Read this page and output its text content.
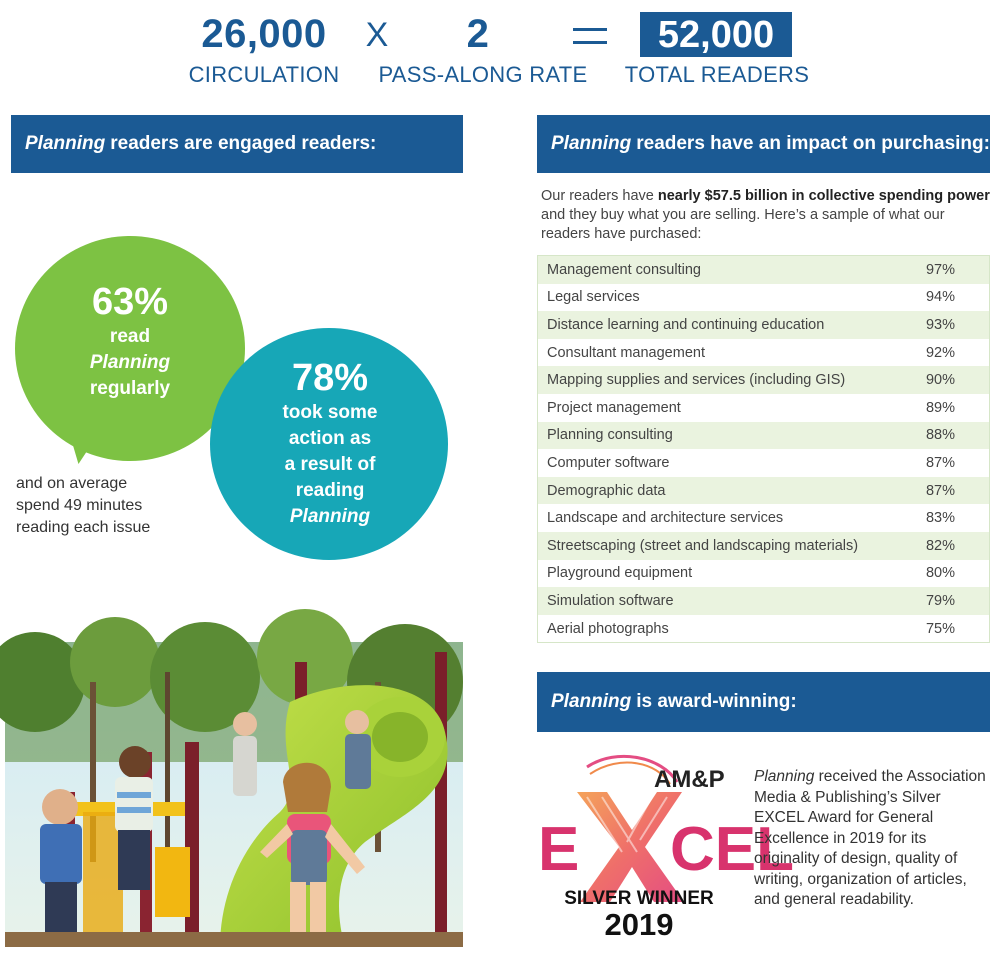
26,000
CIRCULATION
X	2
PASS-ALONG RATE
52,000
TOTAL READERS
Planning readers are engaged readers:
63%
read
Planning
regularly	78%
took some
action as
a result of
reading
Planning
and on average
spend 49 minutes
reading each issue
Planning readers have an impact on purchasing:
Our readers have nearly $57.5 billion in collective spending power and they buy what you are selling. Here’s a sample of what our readers have purchased:
Management consulting	97%
Legal services	94%
Distance learning and continuing education	93%
Consultant management	92%
Mapping supplies and services (including GIS)	90%
Project management	89%
Planning consulting	88%
Computer software	87%
Demographic data	87%
Landscape and architecture services	83%
Streetscaping (street and landscaping materials)	82%
Playground equipment	80%
Simulation software	79%
Aerial photographs	75%
Planning is award-winning:
E CEL
AM&P
SILVER WINNER
2019
Planning received the Association Media & Publishing’s Silver EXCEL Award for General Excellence in 2019 for its originality of design, quality of writing, organization of articles, and general readability.
